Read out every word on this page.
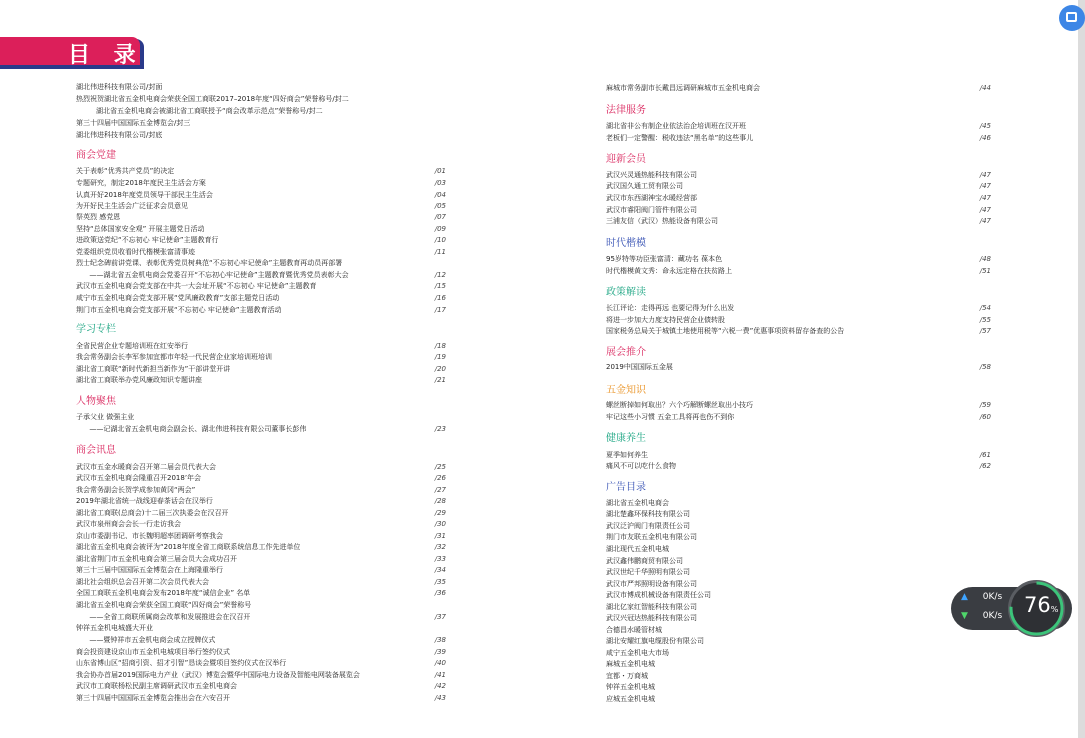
目 录
湖北伟进科技有限公司/封面
热烈祝贺湖北省五金机电商会荣获全国工商联2017–2018年度“四好商会”荣誉称号/封二
湖北省五金机电商会被湖北省工商联授予“商会改革示范点”荣誉称号/封二
第三十四届中国国际五金博览会/封三
湖北伟进科技有限公司/封底
商会党建
关于表彰“优秀共产党员”的决定	/01
专题研究，制定2018年度民主生活会方案	/03
认真开好2018年度党员领导干部民主生活会	/04
为开好民主生活会广泛征求会员意见	/05
祭英烈 感党恩	/07
坚持“总体国家安全观” 开展主题党日活动	/09
进政策送党纪“不忘初心 牢记使命”主题教育行	/10
党委组织党员收看时代楷模张富清事迹	/11
烈士纪念碑前讲党课、表彰优秀党员树典范“不忘初心牢记使命”主题教育再动员再部署
——湖北省五金机电商会党委召开“不忘初心牢记使命”主题教育暨优秀党员表彰大会	/12
武汉市五金机电商会党支部在中共一大会址开展“不忘初心 牢记使命”主题教育	/15
咸宁市五金机电商会党支部开展“党风廉政教育”支部主题党日活动	/16
荆门市五金机电商会党支部开展“不忘初心 牢记使命”主题教育活动	/17
学习专栏
全省民营企业专题培训班在红安举行	/18
我会常务副会长李军参加宜都市年轻一代民营企业家培训班培训	/19
湖北省工商联“新时代新担当新作为”干部讲堂开讲	/20
湖北省工商联举办党风廉政知识专题讲座	/21
人物聚焦
子承父业 做强主业
——记湖北省五金机电商会副会长、湖北伟进科技有限公司董事长彭伟	/23
商会讯息
武汉市五金水暖商会召开第二届会员代表大会	/25
武汉市五金机电商会隆重召开2018’年会	/26
我会常务副会长贺学成参加黄冈“两会”	/27
2019年湖北省统一战线迎春茶话会在汉举行	/28
湖北省工商联(总商会)十二届三次执委会在汉召开	/29
武汉市泉州商会会长一行走访我会	/30
京山市委副书记、市长魏明超率团调研考察我会	/31
湖北省五金机电商会被评为“2018年度全省工商联系统信息工作先进单位	/32
湖北省荆门市五金机电商会第三届会员大会成功召开	/33
第三十三届中国国际五金博览会在上海隆重举行	/34
湖北社会组织总会召开第二次会员代表大会	/35
全国工商联五金机电商会发布2018年度“诚信企业” 名单	/36
湖北省五金机电商会荣获全国工商联“四好商会”荣誉称号
——全省工商联所属商会改革和发展推进会在汉召开	/37
钟祥五金机电城盛大开业
——暨钟祥市五金机电商会成立授牌仪式	/38
商会投资建设京山市五金机电城项目举行签约仪式	/39
山东省博山区“招商引资、招才引智”恳谈会暨项目签约仪式在汉举行	/40
我会协办首届2019国际电力产业（武汉）博览会暨华中国际电力设备及智能电网装备展览会	/41
武汉市工商联杨松民副主席调研武汉市五金机电商会	/42
第三十四届中国国际五金博览会推出会在六安召开	/43
麻城市常务副市长戴昌远调研麻城市五金机电商会	/44
法律服务
湖北省非公有制企业依法治企培训班在汉开班	/45
老板们一定警醒：税收违法“黑名单”的这些事儿	/46
迎新会员
武汉兴灵通热能科技有限公司	/47
武汉国久通工贸有限公司	/47
武汉市东西湖神宝水暖经营部	/47
武汉市睿阳阀门管件有限公司	/47
三浦友信（武汉）热能设备有限公司	/47
时代楷模
95岁特等功臣张富清：藏功名 葆本色	/48
时代楷模黄文秀：命永远定格在扶贫路上	/51
政策解读
长江评论：走得再远 也要记得为什么出发	/54
将进一步加大力度支持民营企业债转股	/55
国家税务总局关于城镇土地使用税等“六税一费”优惠事项资料留存备查的公告	/57
展会推介
2019中国国际五金展	/58
五金知识
螺丝断掉如何取出？六个巧解断螺丝取出小技巧	/59
牢记这些小习惯 五金工具将再也伤不到你	/60
健康养生
夏季如何养生	/61
痛风不可以吃什么食物	/62
广告目录
湖北省五金机电商会
湖北楚鑫环保科技有限公司
武汉泛沪阀门有限责任公司
荆门市友联五金机电有限公司
湖北现代五金机电城
武汉鑫伟鹏商贸有限公司
武汉世纪千华照明有限公司
武汉市严邦照明设备有限公司
武汉市博成机械设备有限责任公司
湖北亿家红智能科技有限公司
武汉兴冠达热能科技有限公司
合德昌水暖管材城
湖北安耀红旗电缆股份有限公司
咸宁五金机电大市场
麻城五金机电城
宜都・万商城
钟祥五金机电城
应城五金机电城
▲ 0K/s
▼ 0K/s 76%
